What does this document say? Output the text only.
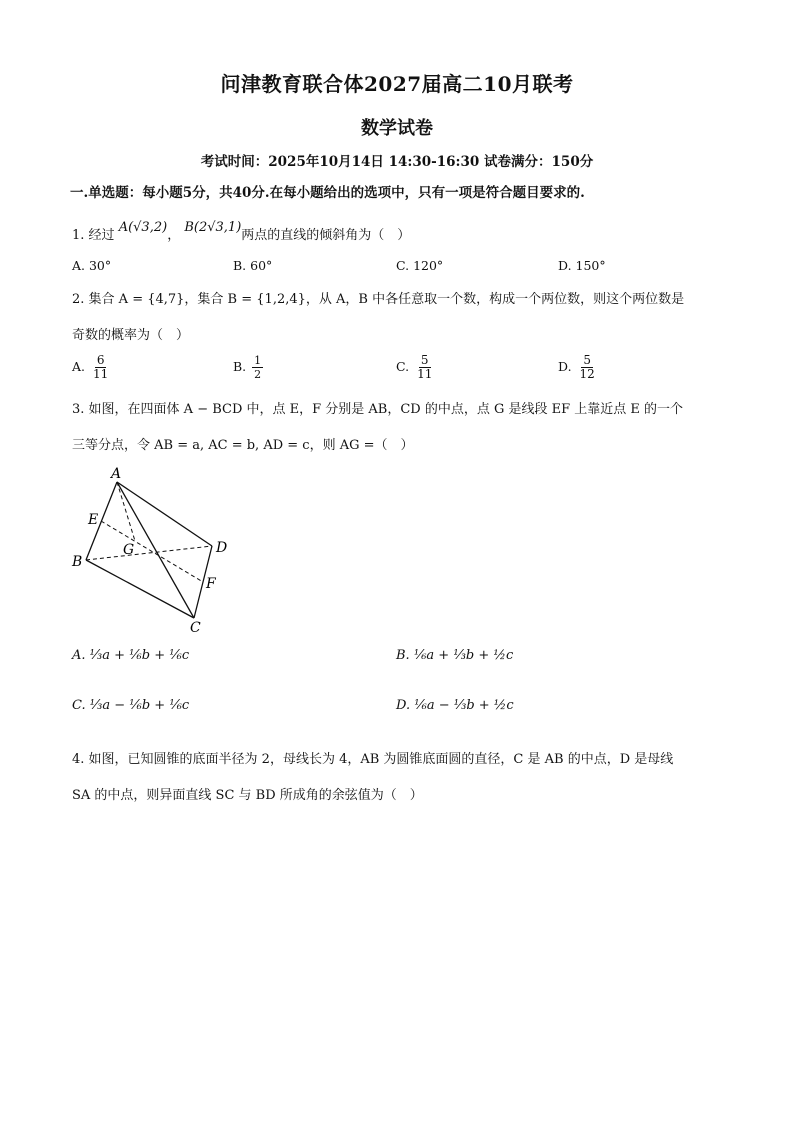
问津教育联合体2027届高二10月联考
数学试卷
考试时间：2025年10月14日 14:30-16:30 试卷满分：150分
一.单选题：每小题5分，共40分.在每小题给出的选项中，只有一项是符合题目要求的.
1. 经过 A(√3,2)， B(2√3,1)两点的直线的倾斜角为（　）
A. 30°	B. 60°	C. 120°	D. 150°
2. 集合 A = {4,7}，集合 B = {1,2,4}，从 A，B 中各任意取一个数，构成一个两位数，则这个两位数是
奇数的概率为（　）
A. $\frac{6}{11}$	B. $\frac{1}{2}$	C. $\frac{5}{11}$	D. $\frac{5}{12}$
3. 如图，在四面体 A − BCD 中，点 E，F 分别是 AB，CD 的中点，点 G 是线段 EF 上靠近点 E 的一个
三等分点，令 AB = a, AC = b, AD = c，则 AG =（　）
A
B
C
D
E
F
G
A. ⅓a + ⅙b + ⅙c	B. ⅙a + ⅓b + ½c
C. ⅓a − ⅙b + ⅙c	D. ⅙a − ⅓b + ½c
4. 如图，已知圆锥的底面半径为 2，母线长为 4，AB 为圆锥底面圆的直径，C 是 AB 的中点，D 是母线
SA 的中点，则异面直线 SC 与 BD 所成角的余弦值为（　）
